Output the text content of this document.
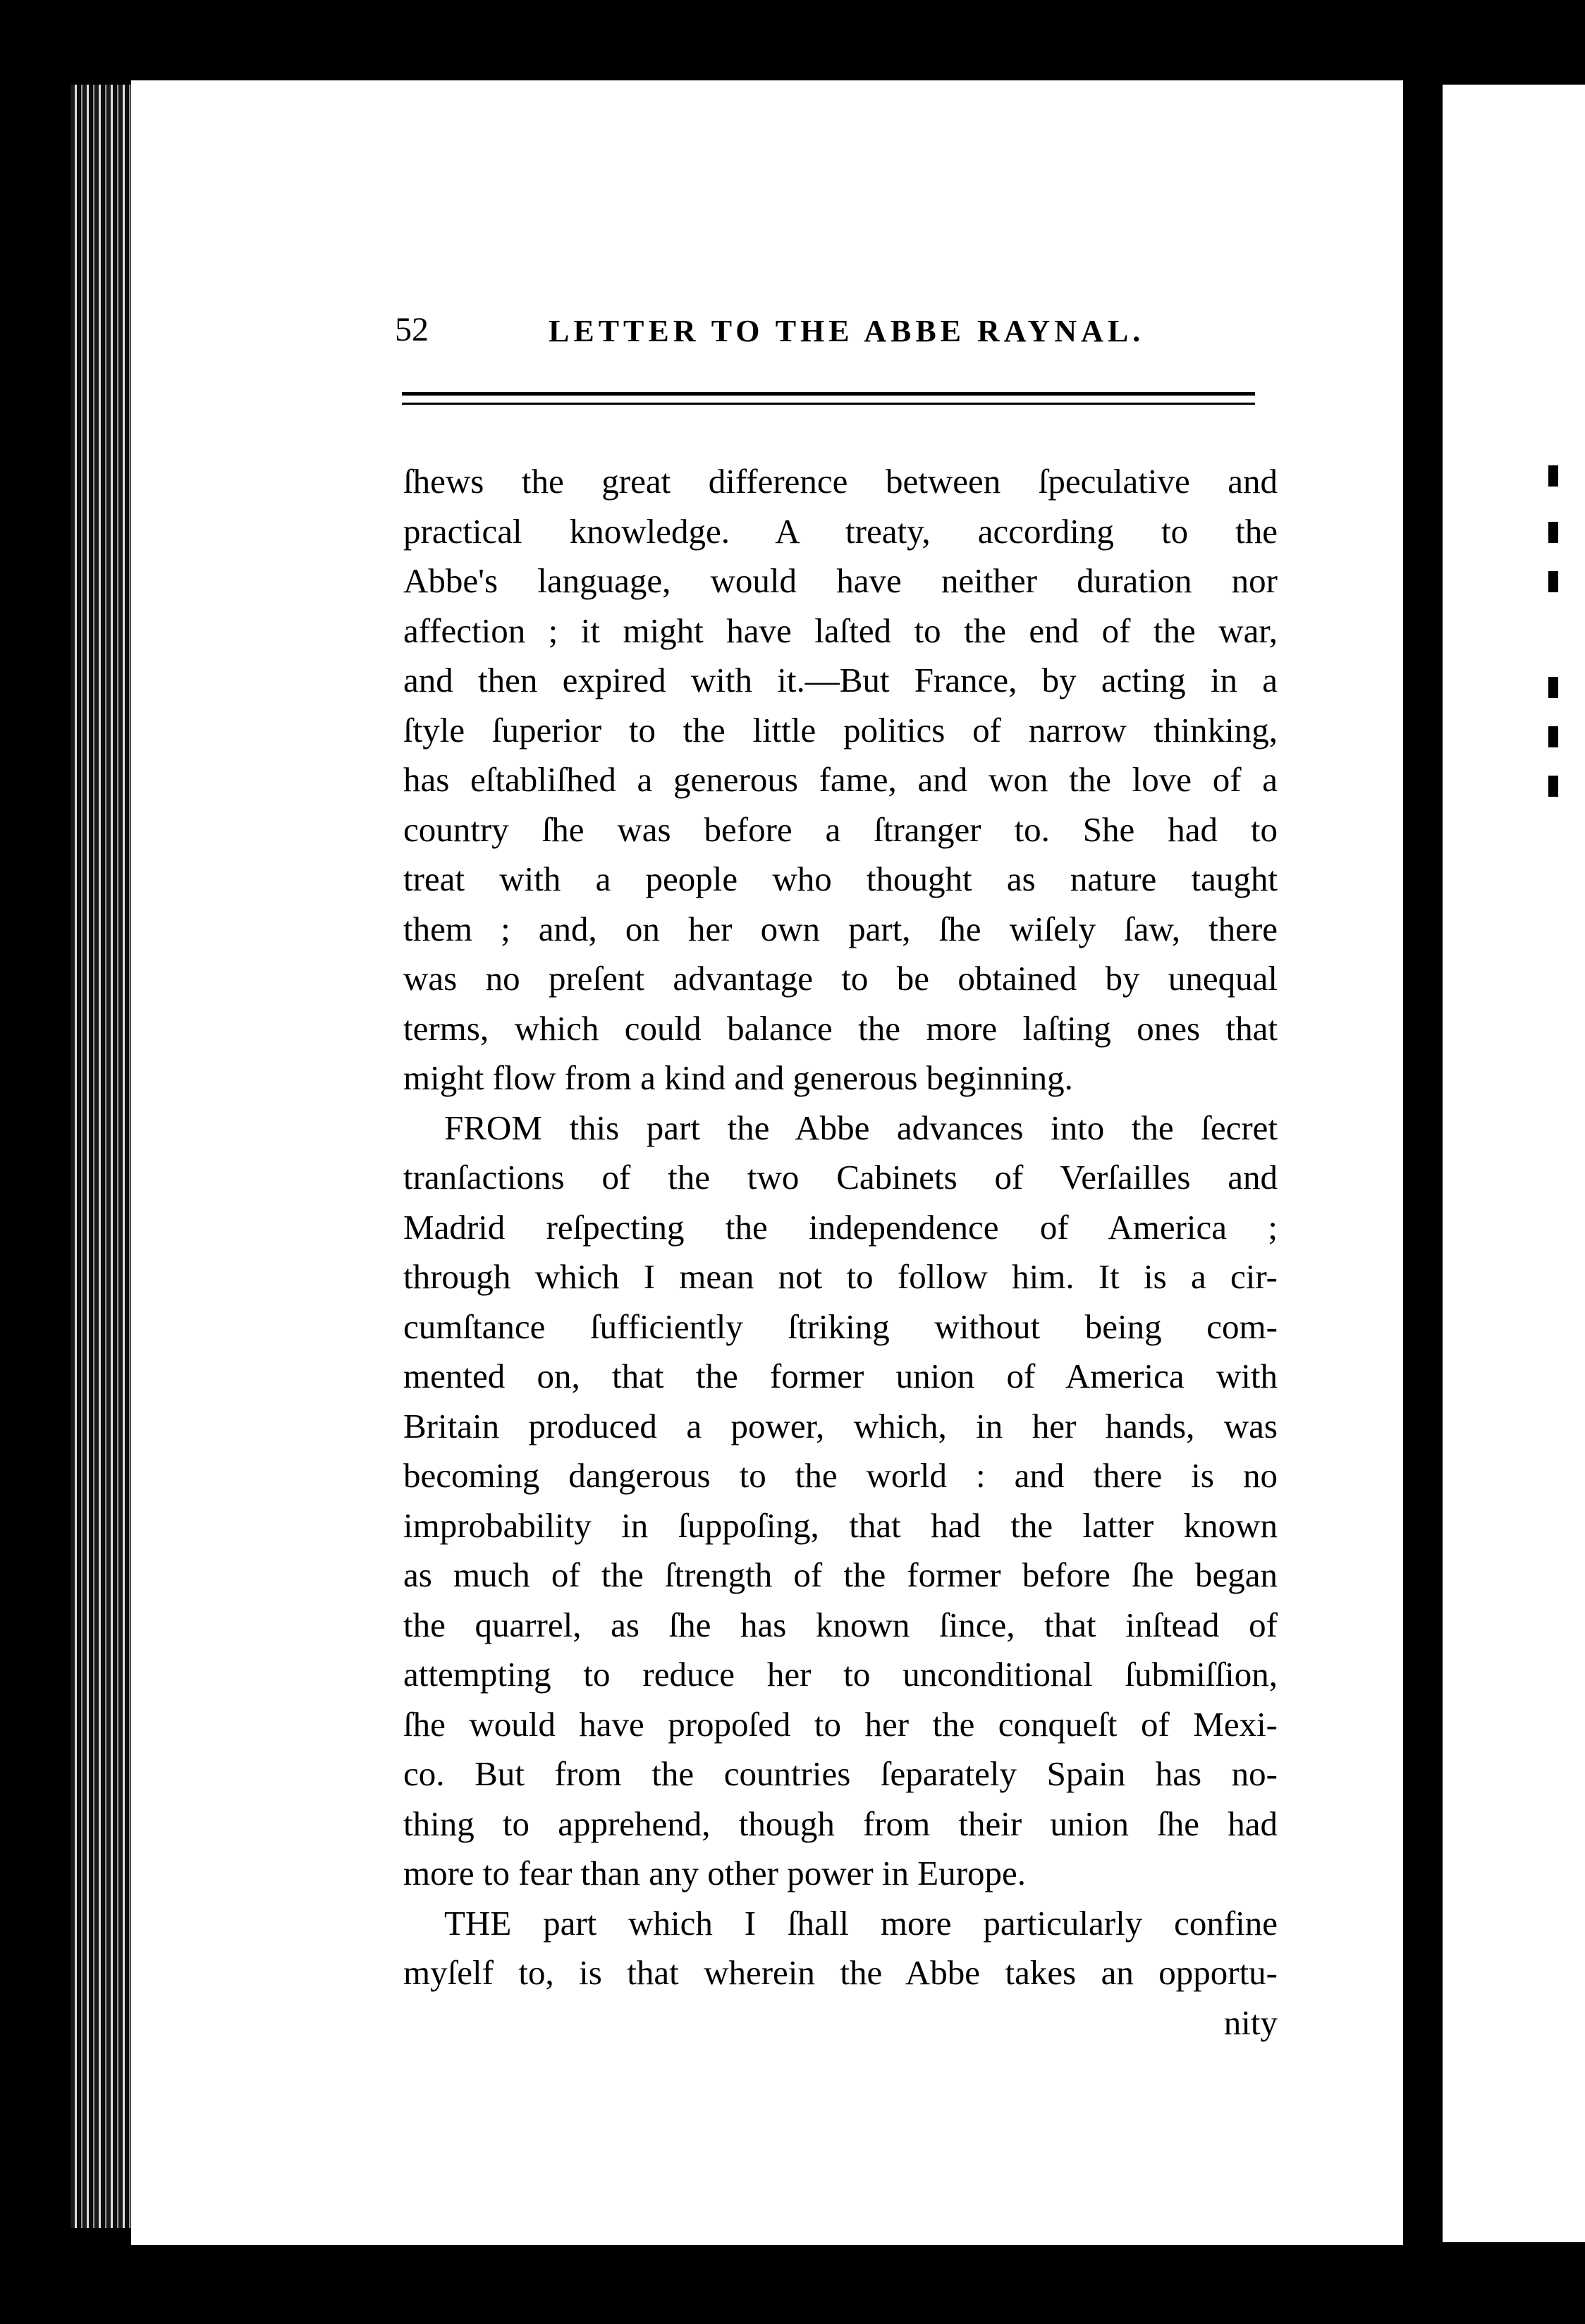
52	LETTER TO THE ABBE RAYNAL.
ſhews the great difference between ſpeculative and
practical knowledge. A treaty, according to the
Abbe's language, would have neither duration nor
affection ; it might have laſted to the end of the war,
and then expired with it.—But France, by acting in a
ſtyle ſuperior to the little politics of narrow thinking,
has eſtabliſhed a generous fame, and won the love of a
country ſhe was before a ſtranger to. She had to
treat with a people who thought as nature taught
them ; and, on her own part, ſhe wiſely ſaw, there
was no preſent advantage to be obtained by unequal
terms, which could balance the more laſting ones that
might flow from a kind and generous beginning.
FROM this part the Abbe advances into the ſecret
tranſactions of the two Cabinets of Verſailles and
Madrid reſpecting the independence of America ;
through which I mean not to follow him. It is a cir-
cumſtance ſufficiently ſtriking without being com-
mented on, that the former union of America with
Britain produced a power, which, in her hands, was
becoming dangerous to the world : and there is no
improbability in ſuppoſing, that had the latter known
as much of the ſtrength of the former before ſhe began
the quarrel, as ſhe has known ſince, that inſtead of
attempting to reduce her to unconditional ſubmiſſion,
ſhe would have propoſed to her the conqueſt of Mexi-
co. But from the countries ſeparately Spain has no-
thing to apprehend, though from their union ſhe had
more to fear than any other power in Europe.
THE part which I ſhall more particularly confine
myſelf to, is that wherein the Abbe takes an opportu-
nity
